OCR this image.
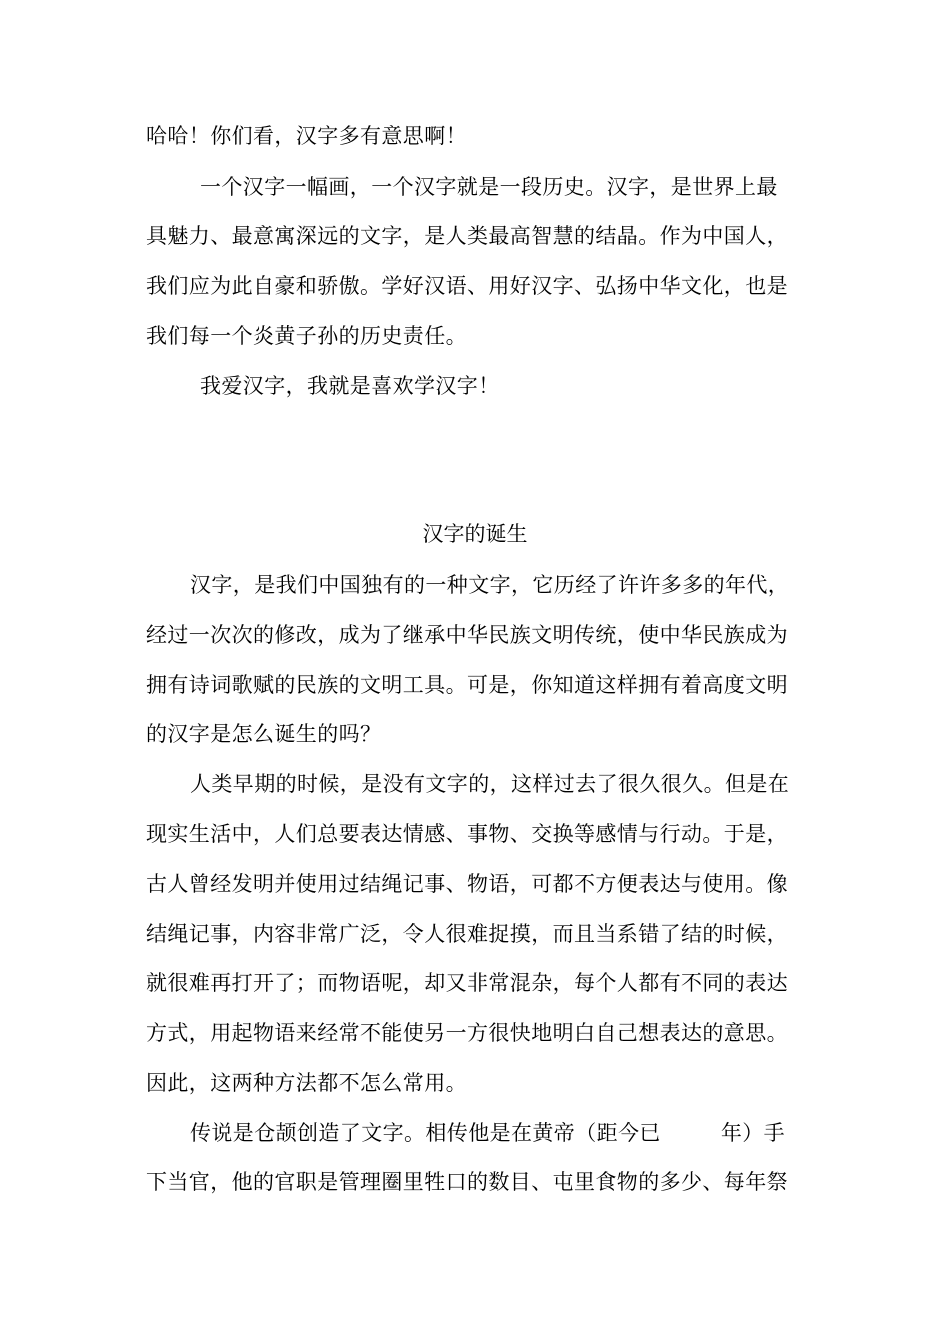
哈哈！你们看，汉字多有意思啊！
一个汉字一幅画，一个汉字就是一段历史。汉字，是世界上最
具魅力、最意寓深远的文字，是人类最高智慧的结晶。作为中国人，
我们应为此自豪和骄傲。学好汉语、用好汉字、弘扬中华文化，也是
我们每一个炎黄子孙的历史责任。
我爱汉字，我就是喜欢学汉字！
汉字的诞生
汉字，是我们中国独有的一种文字，它历经了许许多多的年代，
经过一次次的修改，成为了继承中华民族文明传统，使中华民族成为
拥有诗词歌赋的民族的文明工具。可是，你知道这样拥有着高度文明
的汉字是怎么诞生的吗？
人类早期的时候，是没有文字的，这样过去了很久很久。但是在
现实生活中，人们总要表达情感、事物、交换等感情与行动。于是，
古人曾经发明并使用过结绳记事、物语，可都不方便表达与使用。像
结绳记事，内容非常广泛，令人很难捉摸，而且当系错了结的时候，
就很难再打开了；而物语呢，却又非常混杂，每个人都有不同的表达
方式，用起物语来经常不能使另一方很快地明白自己想表达的意思。
因此，这两种方法都不怎么常用。
传说是仓颉创造了文字。相传他是在黄帝（距今已	年）手
下当官，他的官职是管理圈里牲口的数目、屯里食物的多少、每年祭
